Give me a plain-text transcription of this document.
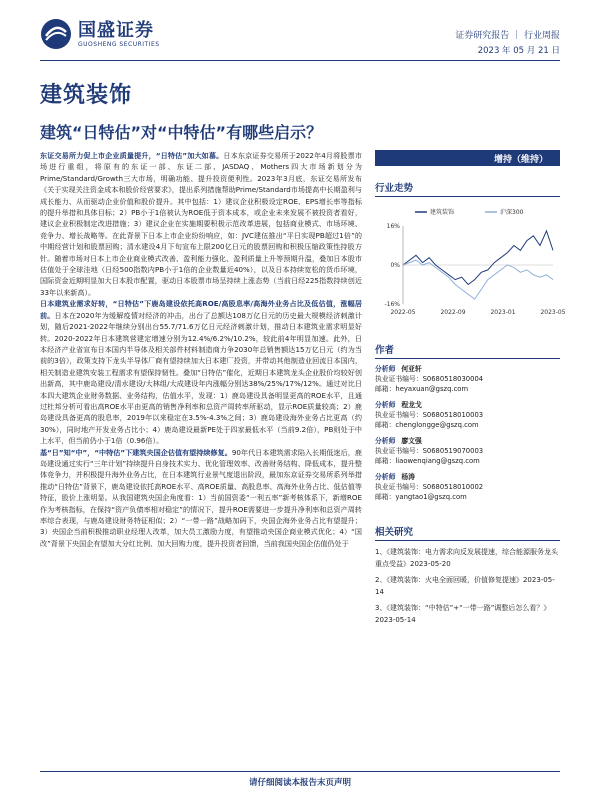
国盛证券
GUOSHENG SECURITIES
证券研究报告 ｜ 行业周报
2023 年 05 月 21 日
建筑装饰
建筑“日特估”对“中特估”有哪些启示？

东证交易所力促上市企业质量提升，“日特估”加大如慕。日本东京证券交易所于2022年4月将股票市场进行重组，将原有的东证一部、东证二部、JASDAQ、Mothers四大市场新划分为Prime/Standard/Growth三大市场，明确功能、提升投资便利性。2023年3月底，东证交易所发布《关于实现关注资金成本和股价经营要求》，提出系列措施帮助Prime/Standard市场提高中长期盈利与成长能力、从而驱动企业价值和股价提升。其中包括：1）建议企业积极设定ROE、EPS增长率等指标的提升举措和具体目标；2）PB小于1倍被认为ROE低于资本成本，或企业未来发展不被投资者看好，建议企业积极制定改进措施；3）建议企业在实施期要积极示范改革进展，包括商业模式、市场环境、竞争力、增长战略等。在此背景下日本上市企业纷纷响应，如：JVC建伍推出“平日实现PB超过1倍”的中期经营计划和股票回购；清水建设4月下旬宣布上限200亿日元的股票回购和积极压缩政策性持股方针。随着市场对日本上市企业商业模式改善、盈利能力强化、盈利质量上升等预期升温，叠加日本股市估值处于全球洼地（日经500指数内PB小于1倍的企业数量近40%），以及日本持续宽松的货币环境，国际资金近期明显加大日本股市配置，驱动日本股票市场呈持续上涨态势（当前日经225指数持续创近33年以来新高）。

日本建筑业需求好转，“日特估”下鹿岛建设依托高ROE/高股息率/高海外业务占比及低估值，涨幅居前。日本在2020年为缓解疫情对经济的冲击，出台了总额达108万亿日元的历史最大规模经济刺激计划，随后2021-2022年继续分别出台55.7/71.6万亿日元经济刺激计划，推动日本建筑业需求明显好转。2020-2022年日本建筑营建定增速分别为12.4%/6.2%/10.2%，较此前4年明显加速。此外，日本经济产业省宣布日本国内半导体及相关部件材料制造商力争2030年总销售额达15万亿日元（约为当前的3倍），政策支持下龙头半导体厂商有望持续加大日本建厂投资，并带动其他制造业回流日本国内，相关制造业建筑安装工程需求有望保持韧性。叠加“日特估”催化，近期日本建筑龙头企业股价均较好创出新高，其中鹿岛建设/清水建设/大林组/大成建设年内涨幅分别达38%/25%/17%/12%。通过对比日本四大建筑企业财务数据、业务结构，估值水平，发现：1）鹿岛建设具备明显更高的ROE水平，且通过杜邦分析可看出高ROE水平由更高的销售净利率和总资产周转率所驱动，显示ROE质量较高；2）鹿岛建设具备更高的股息率，2019年以来稳定在3.5%-4.3%之间；3）鹿岛建设海外业务占比更高（约30%），同时地产开发业务占比小；4）鹿岛建设最新PE处于四家最低水平（当前9.2倍），PB则处于中上水平，但当前仍小于1倍（0.96倍）。

基“日”知“中”，“中特估”下建筑央国企估值有望持续修复。90年代日本建筑需求陷入长期低迷后，鹿岛建设通过实行“三年计划”持续提升自身技术实力、优化管理效率、改善财务结构、降低成本，提升整体竞争力，并积极提升海外业务占比，在日本建筑行业景气度退出阶段，最加东京证券交易所系列举措推动“日特估”背景下，鹿岛建设依托高ROE水平、高ROE质量、高股息率、高海外业务占比、低估值等特征，股价上涨明显。从我国建筑央国企角度看：1）当前国资委“一利五率”新考核体系下，新增ROE作为考核指标，在保持“资产负债率相对稳定”的情况下，提升ROE需要进一步提升净利率和总资产周转率综合表现，与鹿岛建设财务特征相似；2）“一带一路”战略加码下，央国企海外业务占比有望提升；3）央国企当前积极推动职业经理人改革，加大员工激励力度，有望推动央国企商业模式优化；4）“国改”背景下央国企有望加大分红比例、加大回购力度，提升投资者回馈，当前我国央国企估值仍处于

增持（维持）
行业走势
16%
0%
-16%
2022-05	2022-09	2023-01	2023-05
建筑装饰	沪深300
作者
分析师 何亚轩
执业证书编号：S0680518030004
邮箱：heyaxuan@gszq.com
分析师 程龙戈
执业证书编号：S0680518010003
邮箱：chenglongge@gszq.com
分析师 廖文强
执业证书编号：S0680519070003
邮箱：liaowenqiang@gszq.com
分析师 杨涛
执业证书编号：S0680518010002
邮箱：yangtao1@gszq.com
相关研究
1、《建筑装饰：电力需求向反发展提速，综合能源服务龙头重点受益》2023-05-20
2、《建筑装饰：火电全面回暖，价值修复提速》2023-05-14
3、《建筑装饰：“中特估”+“一带一路”调整后怎么看？》2023-05-14
请仔细阅读本报告末页声明
